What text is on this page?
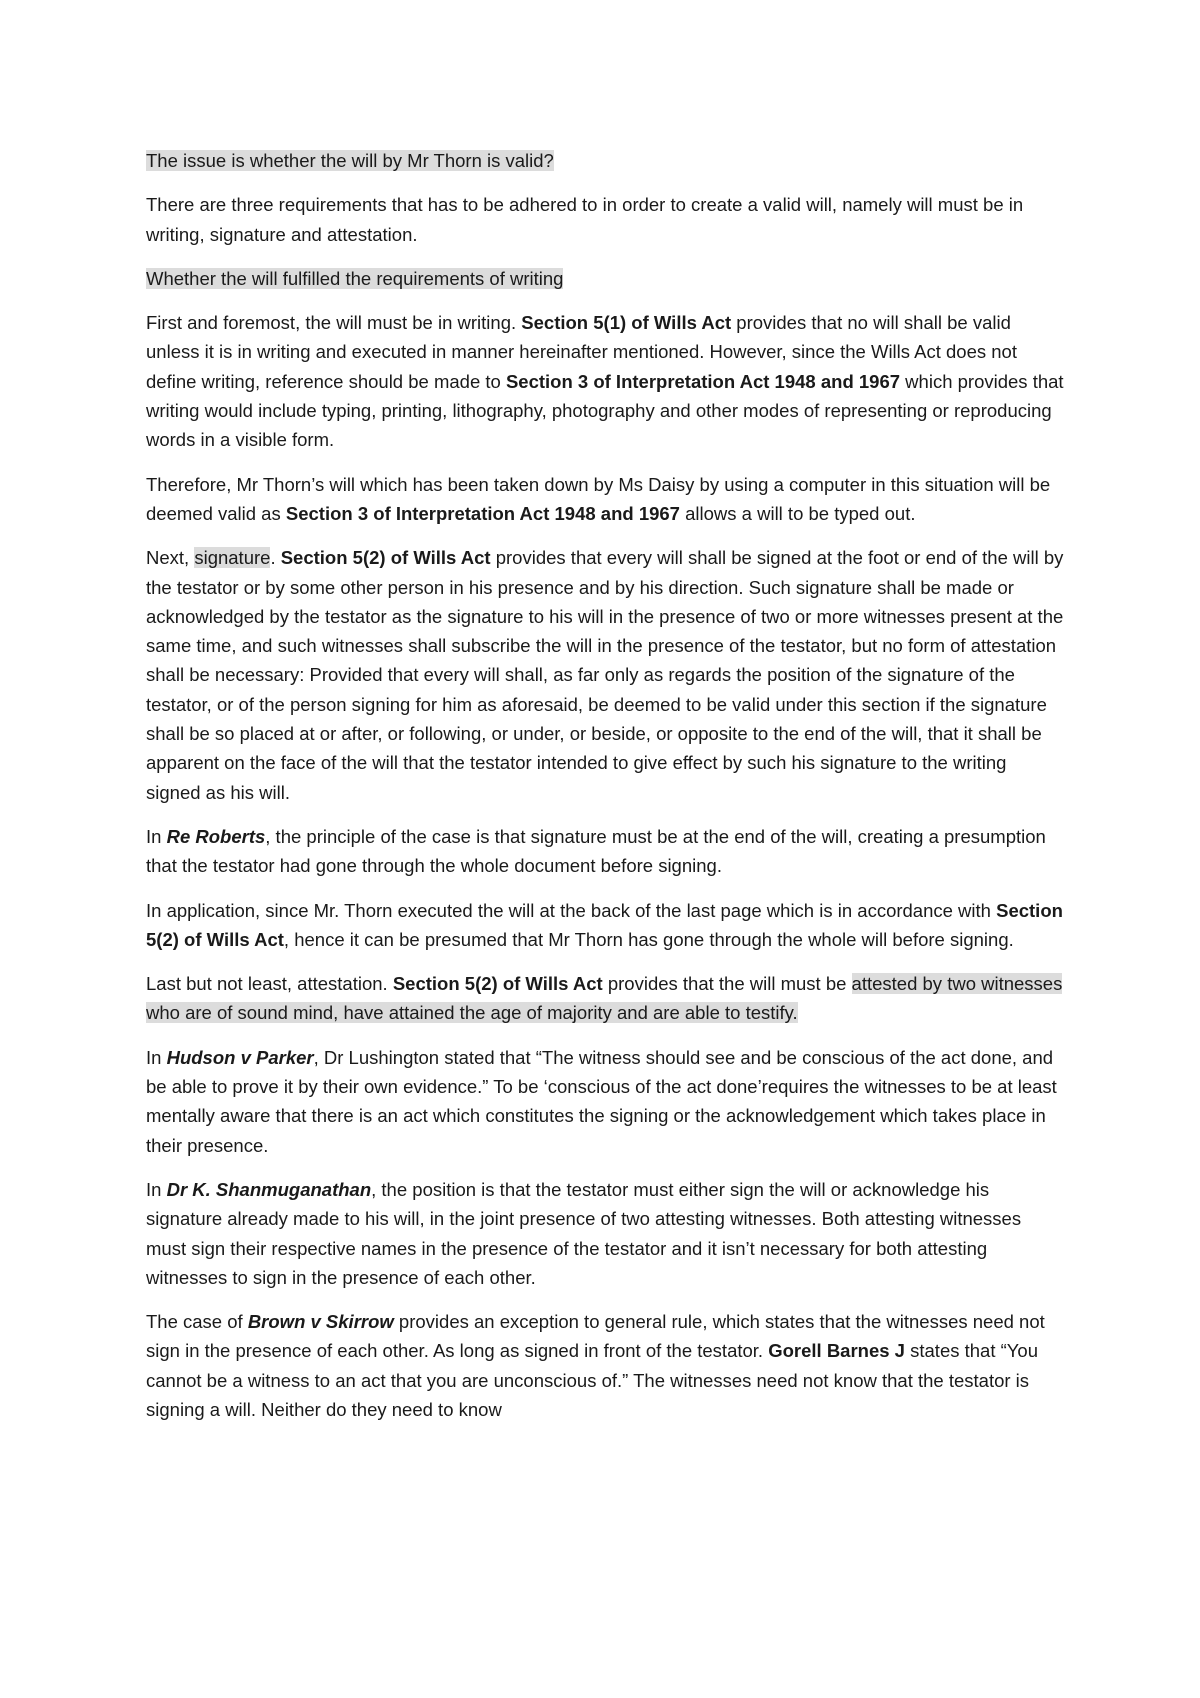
The issue is whether the will by Mr Thorn is valid?

There are three requirements that has to be adhered to in order to create a valid will, namely will must be in writing, signature and attestation.

Whether the will fulfilled the requirements of writing

First and foremost, the will must be in writing. Section 5(1) of Wills Act provides that no will shall be valid unless it is in writing and executed in manner hereinafter mentioned. However, since the Wills Act does not define writing, reference should be made to Section 3 of Interpretation Act 1948 and 1967 which provides that writing would include typing, printing, lithography, photography and other modes of representing or reproducing words in a visible form.

Therefore, Mr Thorn’s will which has been taken down by Ms Daisy by using a computer in this situation will be deemed valid as Section 3 of Interpretation Act 1948 and 1967 allows a will to be typed out.

Next, signature. Section 5(2) of Wills Act provides that every will shall be signed at the foot or end of the will by the testator or by some other person in his presence and by his direction. Such signature shall be made or acknowledged by the testator as the signature to his will in the presence of two or more witnesses present at the same time, and such witnesses shall subscribe the will in the presence of the testator, but no form of attestation shall be necessary: Provided that every will shall, as far only as regards the position of the signature of the testator, or of the person signing for him as aforesaid, be deemed to be valid under this section if the signature shall be so placed at or after, or following, or under, or beside, or opposite to the end of the will, that it shall be apparent on the face of the will that the testator intended to give effect by such his signature to the writing signed as his will.

In Re Roberts, the principle of the case is that signature must be at the end of the will, creating a presumption that the testator had gone through the whole document before signing.

In application, since Mr. Thorn executed the will at the back of the last page which is in accordance with Section 5(2) of Wills Act, hence it can be presumed that Mr Thorn has gone through the whole will before signing.

Last but not least, attestation. Section 5(2) of Wills Act provides that the will must be attested by two witnesses who are of sound mind, have attained the age of majority and are able to testify.

In Hudson v Parker, Dr Lushington stated that “The witness should see and be conscious of the act done, and be able to prove it by their own evidence.” To be ‘conscious of the act done’requires the witnesses to be at least mentally aware that there is an act which constitutes the signing or the acknowledgement which takes place in their presence.

In Dr K. Shanmuganathan, the position is that the testator must either sign the will or acknowledge his signature already made to his will, in the joint presence of two attesting witnesses. Both attesting witnesses must sign their respective names in the presence of the testator and it isn’t necessary for both attesting witnesses to sign in the presence of each other.

The case of Brown v Skirrow provides an exception to general rule, which states that the witnesses need not sign in the presence of each other. As long as signed in front of the testator. Gorell Barnes J states that “You cannot be a witness to an act that you are unconscious of.” The witnesses need not know that the testator is signing a will. Neither do they need to know
